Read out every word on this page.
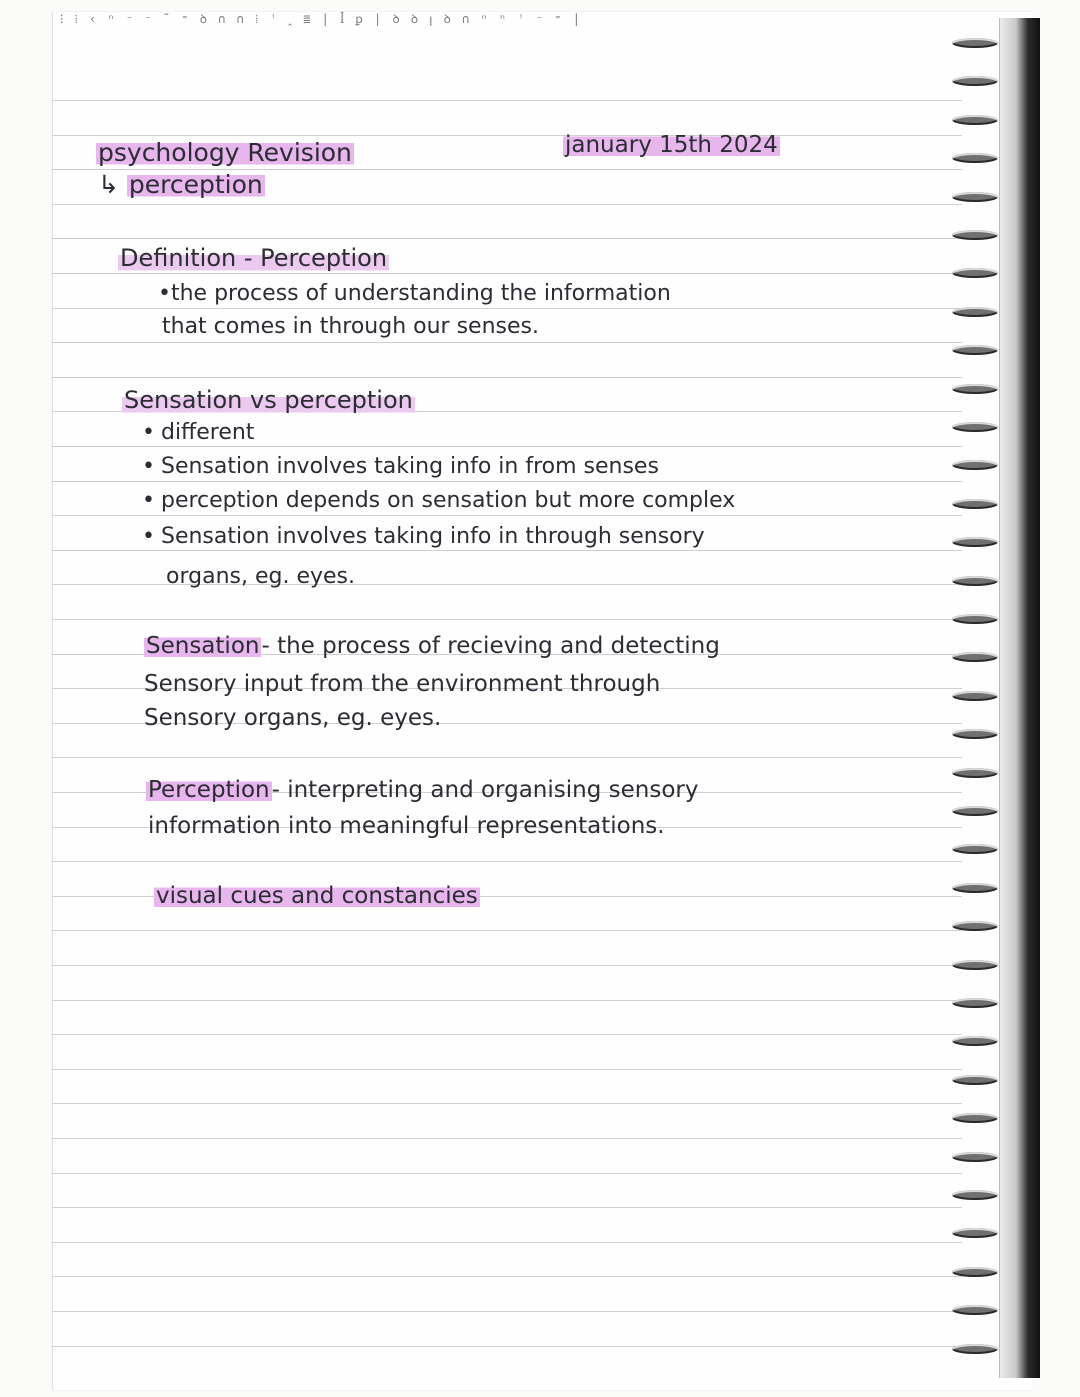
⁝ ⁞ ‹ ⁿ ⁻ ⁻ ˜ ⁼ ꝺ ∩ ∩ ⁞ ꜝ ꞈ ≣ | ꟾ ꝑ | ꝺ ꝺ ꞁ ꝺ ∩ ⁿ ⁿ ꜝ ⁻ ⁼ |
psychology Revision
↳ perception
january 15th 2024
Definition - Perception
•the process of understanding the information
that comes in through our senses.
Sensation vs perception
• different
• Sensation involves taking info in from senses
• perception depends on sensation but more complex
• Sensation involves taking info in through sensory
organs, eg. eyes.
Sensation- the process of recieving and detecting
Sensory input from the environment through
Sensory organs, eg. eyes.
Perception- interpreting and organising sensory
information into meaningful representations.
visual cues and constancies
